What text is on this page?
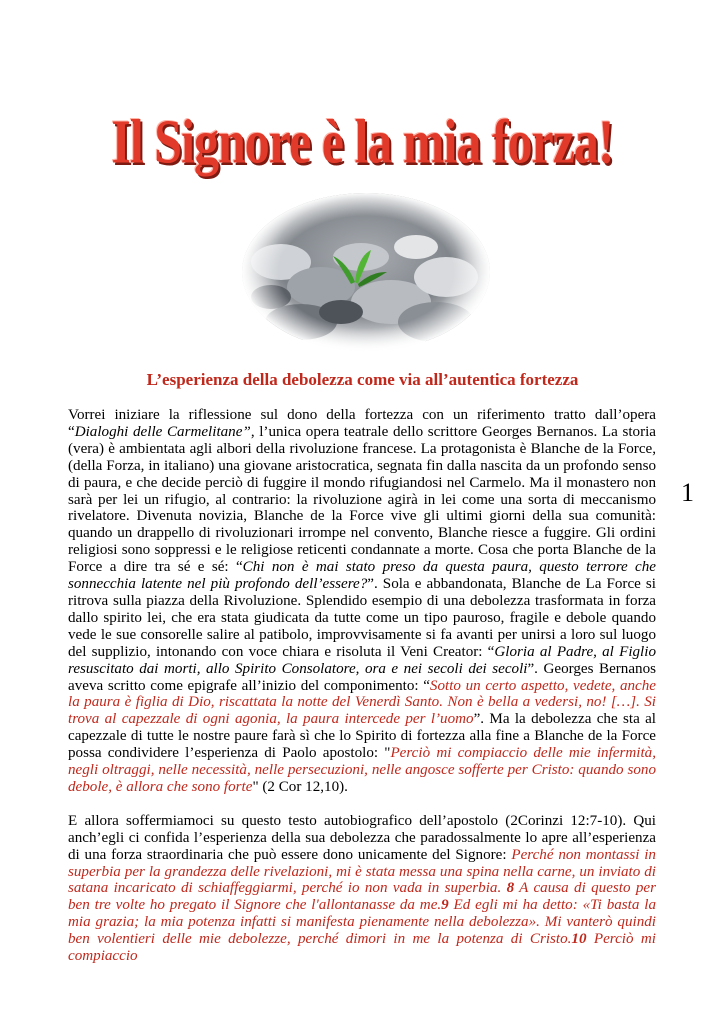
Il Signore è la mia forza!
L’esperienza della debolezza come via all’autentica fortezza
1

Vorrei iniziare la riflessione sul dono della fortezza con un riferimento tratto dall’opera “Dialoghi delle Carmelitane”, l’unica opera teatrale dello scrittore Georges Bernanos. La storia (vera) è ambientata agli albori della rivoluzione francese. La protagonista è Blanche de la Force, (della Forza, in italiano) una giovane aristocratica, segnata fin dalla nascita da un profondo senso di paura, e che decide perciò di fuggire il mondo rifugiandosi nel Carmelo. Ma il monastero non sarà per lei un rifugio, al contrario: la rivoluzione agirà in lei come una sorta di meccanismo rivelatore. Divenuta novizia, Blanche de la Force vive gli ultimi giorni della sua comunità: quando un drappello di rivoluzionari irrompe nel convento, Blanche riesce a fuggire. Gli ordini religiosi sono soppressi e le religiose reticenti condannate a morte. Cosa che porta Blanche de la Force a dire tra sé e sé: “Chi non è mai stato preso da questa paura, questo terrore che sonnecchia latente nel più profondo dell’essere?”. Sola e abbandonata, Blanche de La Force si ritrova sulla piazza della Rivoluzione. Splendido esempio di una debolezza trasformata in forza dallo spirito lei, che era stata giudicata da tutte come un tipo pauroso, fragile e debole quando vede le sue consorelle salire al patibolo, improvvisamente si fa avanti per unirsi a loro sul luogo del supplizio, intonando con voce chiara e risoluta il Veni Creator: “Gloria al Padre, al Figlio resuscitato dai morti, allo Spirito Consolatore, ora e nei secoli dei secoli”. Georges Bernanos aveva scritto come epigrafe all’inizio del componimento: “Sotto un certo aspetto, vedete, anche la paura è figlia di Dio, riscattata la notte del Venerdì Santo. Non è bella a vedersi, no! […]. Si trova al capezzale di ogni agonia, la paura intercede per l’uomo”. Ma la debolezza che sta al capezzale di tutte le nostre paure farà sì che lo Spirito di fortezza alla fine a Blanche de la Force possa condividere l’esperienza di Paolo apostolo: "Perciò mi compiaccio delle mie infermità, negli oltraggi, nelle necessità, nelle persecuzioni, nelle angosce sofferte per Cristo: quando sono debole, è allora che sono forte" (2 Cor 12,10).

E allora soffermiamoci su questo testo autobiografico dell’apostolo (2Corinzi 12:7-10). Qui anch’egli ci confida l’esperienza della sua debolezza che paradossalmente lo apre all’esperienza di una forza straordinaria che può essere dono unicamente del Signore: Perché non montassi in superbia per la grandezza delle rivelazioni, mi è stata messa una spina nella carne, un inviato di satana incaricato di schiaffeggiarmi, perché io non vada in superbia. 8 A causa di questo per ben tre volte ho pregato il Signore che l'allontanasse da me.9 Ed egli mi ha detto: «Ti basta la mia grazia; la mia potenza infatti si manifesta pienamente nella debolezza». Mi vanterò quindi ben volentieri delle mie debolezze, perché dimori in me la potenza di Cristo.10 Perciò mi compiaccio
